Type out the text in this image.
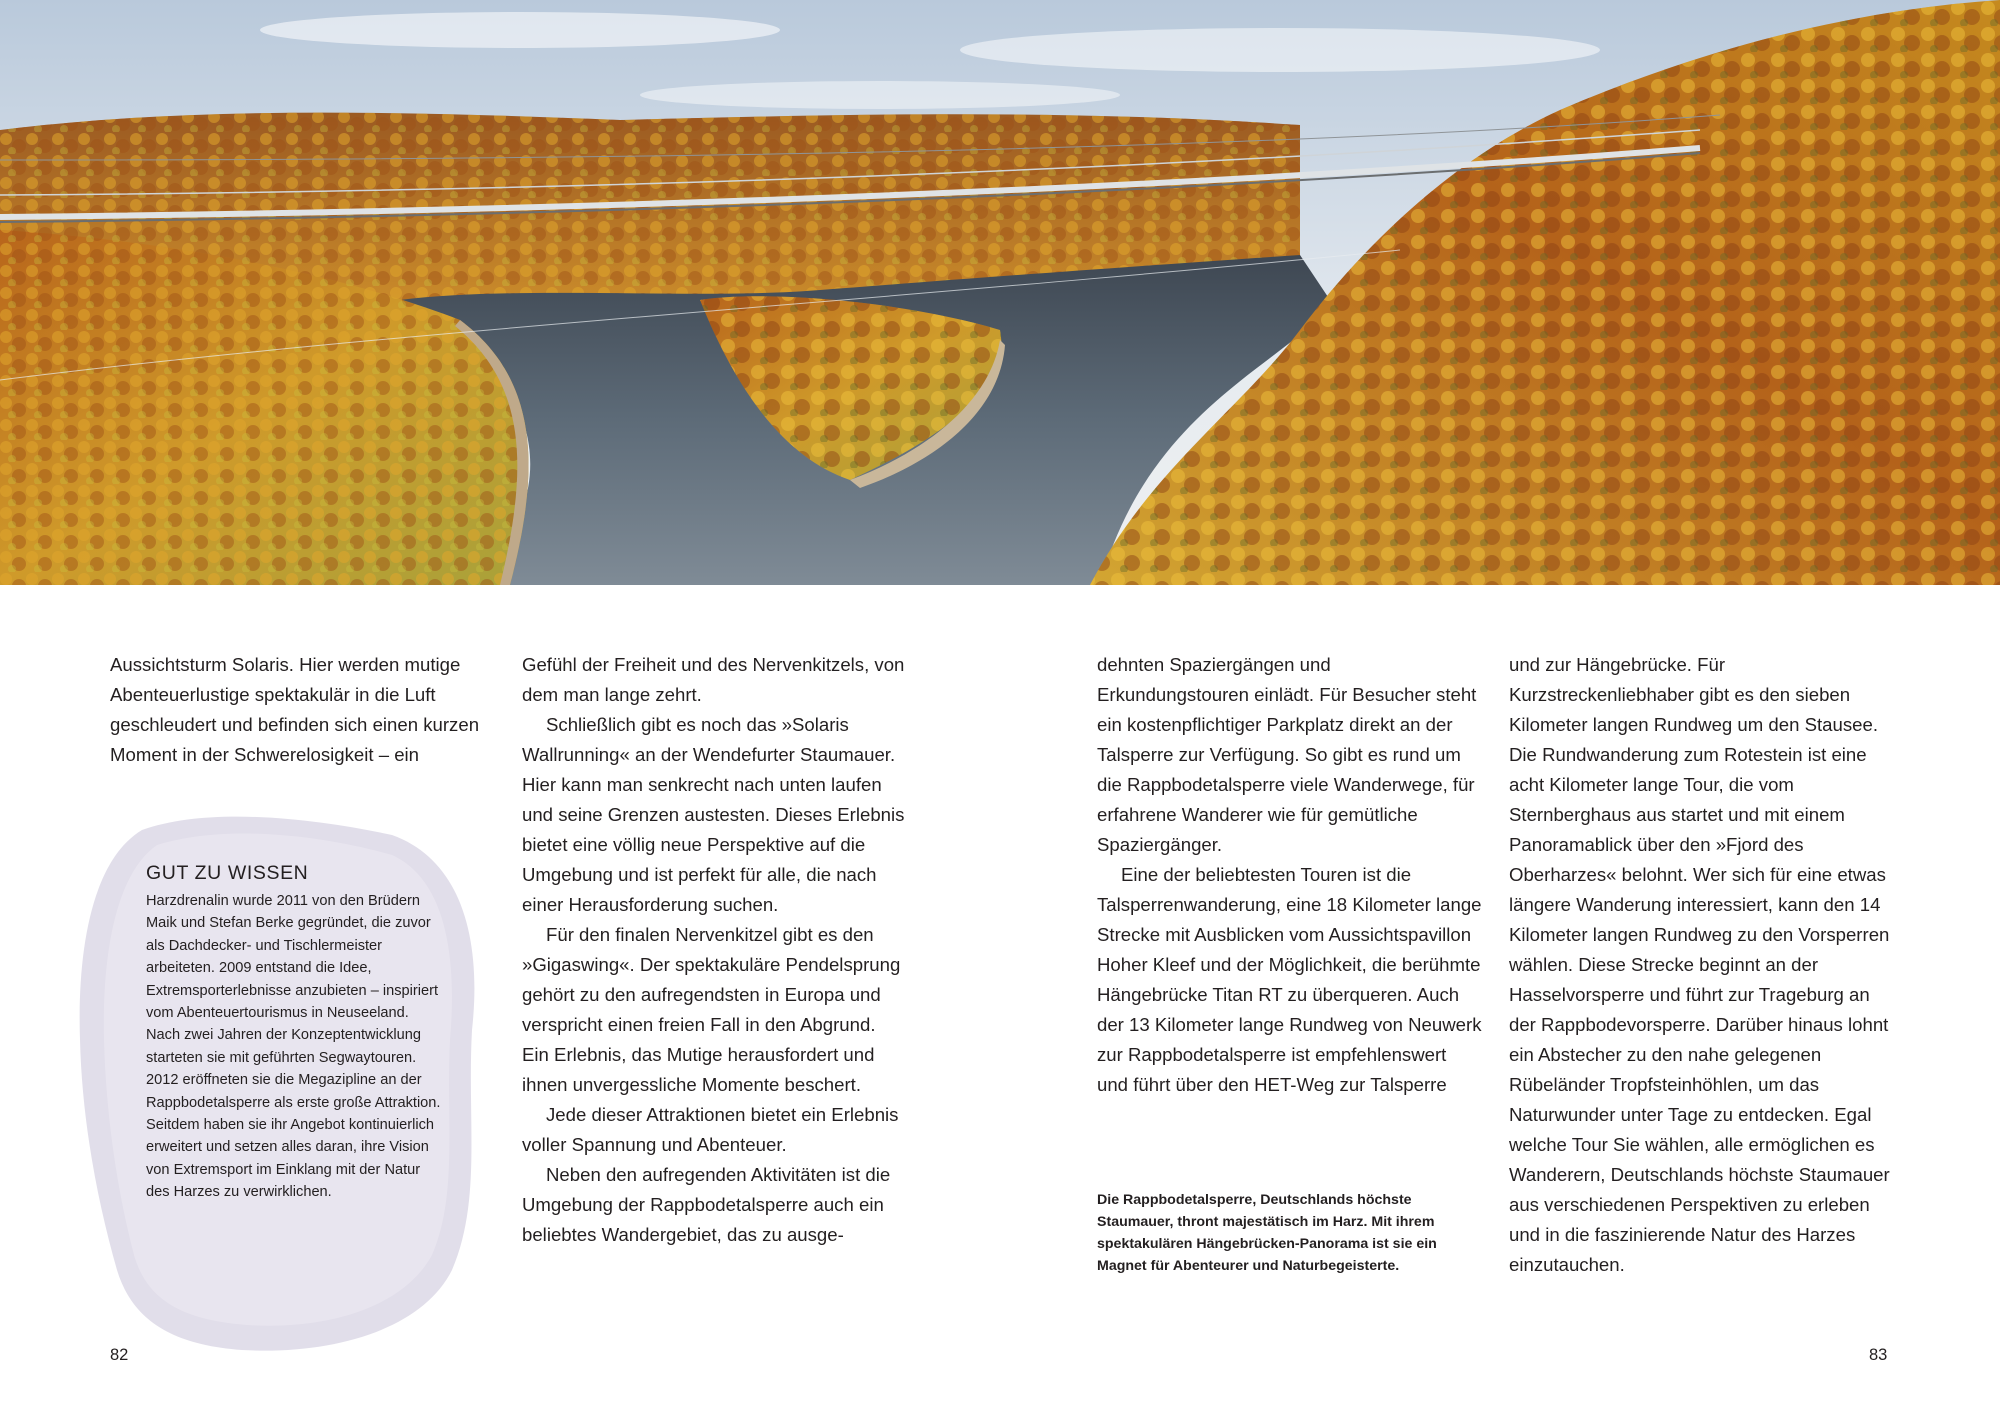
Aussichtsturm Solaris. Hier werden mutige Abenteuerlustige spektakulär in die Luft geschleudert und befinden sich einen kurzen Moment in der Schwerelosigkeit – ein

GUT ZU WISSEN

Harzdrenalin wurde 2011 von den Brüdern Maik und Stefan Berke gegründet, die zuvor als Dachdecker- und Tischlermeister arbeiteten. 2009 entstand die Idee, Extremsporterlebnisse anzubieten – inspiriert vom Abenteuertourismus in Neuseeland. Nach zwei Jahren der Konzeptentwicklung starteten sie mit geführten Segwaytouren. 2012 eröffneten sie die Megazipline an der Rappbodetalsperre als erste große Attraktion. Seitdem haben sie ihr Angebot kontinuierlich erweitert und setzen alles daran, ihre Vision von Extremsport im Einklang mit der Natur des Harzes zu verwirklichen.

Gefühl der Freiheit und des Nervenkitzels, von dem man lange zehrt.

Schließlich gibt es noch das »Solaris Wallrunning« an der Wendefurter Staumauer. Hier kann man senkrecht nach unten laufen und seine Grenzen austesten. Dieses Erlebnis bietet eine völlig neue Perspektive auf die Umgebung und ist perfekt für alle, die nach einer Herausforderung suchen.

Für den finalen Nervenkitzel gibt es den »Gigaswing«. Der spektakuläre Pendelsprung gehört zu den aufregendsten in Europa und verspricht einen freien Fall in den Abgrund. Ein Erlebnis, das Mutige herausfordert und ihnen unvergessliche Momente beschert.

Jede dieser Attraktionen bietet ein Erlebnis voller Spannung und Abenteuer.

Neben den aufregenden Aktivitäten ist die Umgebung der Rappbodetalsperre auch ein beliebtes Wandergebiet, das zu ausge-

dehnten Spaziergängen und Erkundungstouren einlädt. Für Besucher steht ein kostenpflichtiger Parkplatz direkt an der Talsperre zur Verfügung. So gibt es rund um die Rappbodetalsperre viele Wanderwege, für erfahrene Wanderer wie für gemütliche Spaziergänger.

Eine der beliebtesten Touren ist die Talsperrenwanderung, eine 18 Kilometer lange Strecke mit Ausblicken vom Aussichtspavillon Hoher Kleef und der Möglichkeit, die berühmte Hängebrücke Titan RT zu überqueren. Auch der 13 Kilometer lange Rundweg von Neuwerk zur Rappbodetalsperre ist empfehlenswert und führt über den HET-Weg zur Talsperre

Die Rappbodetalsperre, Deutschlands höchste Staumauer, thront majestätisch im Harz. Mit ihrem spektakulären Hängebrücken-Panorama ist sie ein Magnet für Abenteurer und Naturbegeisterte.

und zur Hängebrücke. Für Kurzstreckenliebhaber gibt es den sieben Kilometer langen Rundweg um den Stausee. Die Rundwanderung zum Rotestein ist eine acht Kilometer lange Tour, die vom Sternberghaus aus startet und mit einem Panoramablick über den »Fjord des Oberharzes« belohnt. Wer sich für eine etwas längere Wanderung interessiert, kann den 14 Kilometer langen Rundweg zu den Vorsperren wählen. Diese Strecke beginnt an der Hasselvorsperre und führt zur Trageburg an der Rappbodevorsperre. Darüber hinaus lohnt ein Abstecher zu den nahe gelegenen Rübeländer Tropfsteinhöhlen, um das Naturwunder unter Tage zu entdecken. Egal welche Tour Sie wählen, alle ermöglichen es Wanderern, Deutschlands höchste Staumauer aus verschiedenen Perspektiven zu erleben und in die faszinierende Natur des Harzes einzutauchen.

82	83
